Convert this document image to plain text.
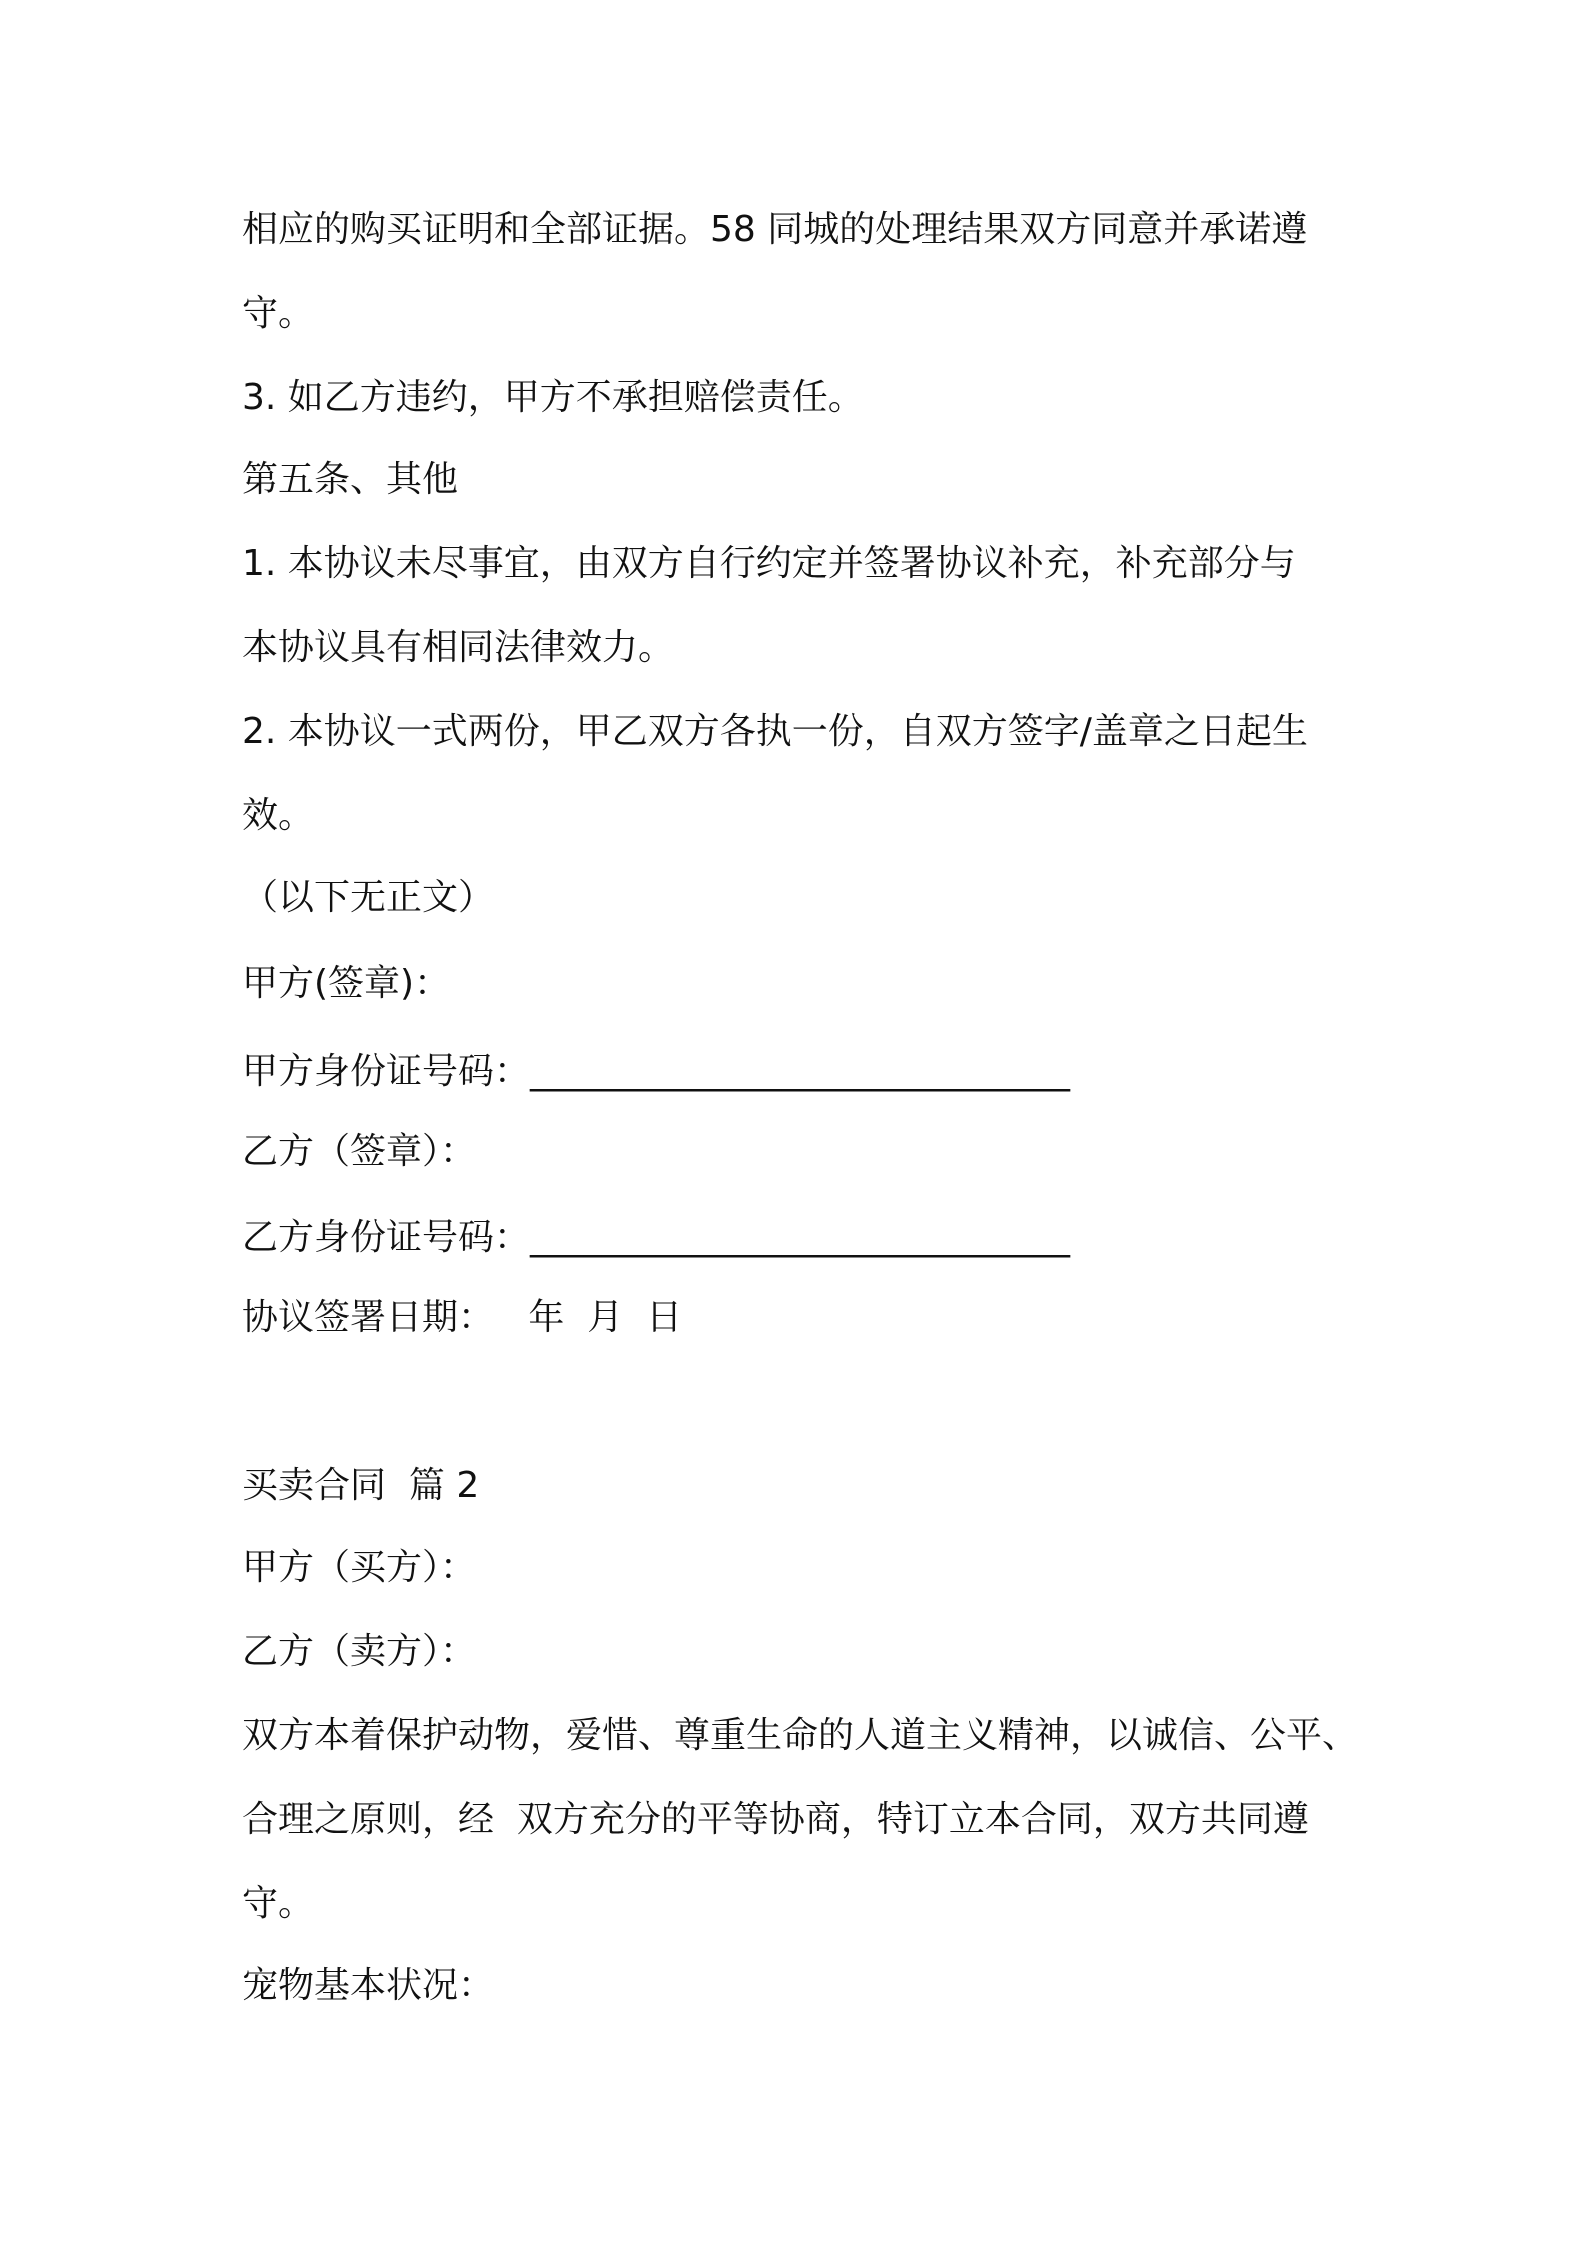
相应的购买证明和全部证据。58 同城的处理结果双方同意并承诺遵
守。
3. 如乙方违约，甲方不承担赔偿责任。
第五条、其他
1. 本协议未尽事宜，由双方自行约定并签署协议补充，补充部分与
本协议具有相同法律效力。
2. 本协议一式两份，甲乙双方各执一份，自双方签字/盖章之日起生
效。
（以下无正文）
甲方(签章)：
甲方身份证号码：______________________________
乙方（签章）：
乙方身份证号码：______________________________
协议签署日期：   年  月  日
买卖合同  篇 2
甲方（买方）：
乙方（卖方）：
双方本着保护动物，爱惜、尊重生命的人道主义精神，以诚信、公平、
合理之原则，经  双方充分的平等协商，特订立本合同，双方共同遵
守。
宠物基本状况：
